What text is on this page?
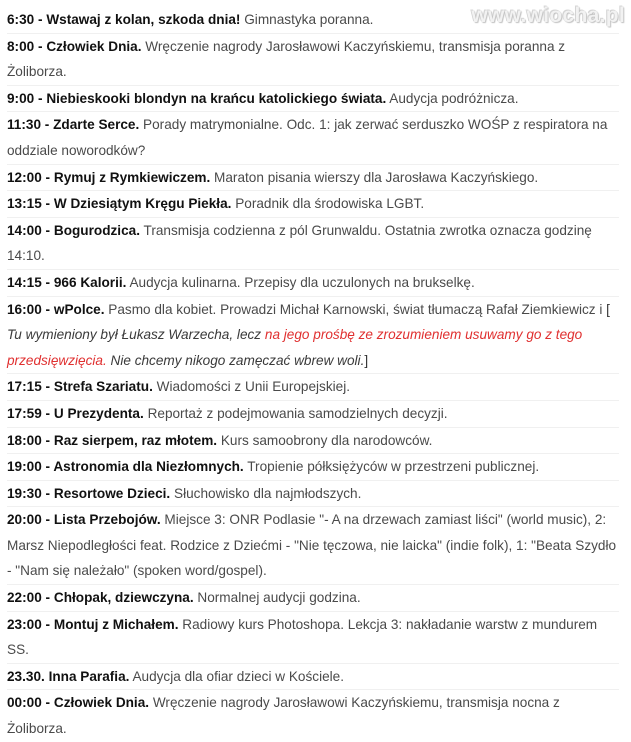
www.wiocha.pl

6:30 - Wstawaj z kolan, szkoda dnia! Gimnastyka poranna.

8:00 - Człowiek Dnia. Wręczenie nagrody Jarosławowi Kaczyńskiemu, transmisja poranna z Żoliborza.

9:00 - Niebieskooki blondyn na krańcu katolickiego świata. Audycja podróżnicza.

11:30 - Zdarte Serce. Porady matrymonialne. Odc. 1: jak zerwać serduszko WOŚP z respiratora na oddziale noworodków?

12:00 - Rymuj z Rymkiewiczem. Maraton pisania wierszy dla Jarosława Kaczyńskiego.

13:15 - W Dziesiątym Kręgu Piekła. Poradnik dla środowiska LGBT.

14:00 - Bogurodzica. Transmisja codzienna z pól Grunwaldu. Ostatnia zwrotka oznacza godzinę 14:10.

14:15 - 966 Kalorii. Audycja kulinarna. Przepisy dla uczulonych na brukselkę.

16:00 - wPolce. Pasmo dla kobiet. Prowadzi Michał Karnowski, świat tłumaczą Rafał Ziemkiewicz i [ Tu wymieniony był Łukasz Warzecha, lecz na jego prośbę ze zrozumieniem usuwamy go z tego przedsięwzięcia. Nie chcemy nikogo zamęczać wbrew woli.]

17:15 - Strefa Szariatu. Wiadomości z Unii Europejskiej.

17:59 - U Prezydenta. Reportaż z podejmowania samodzielnych decyzji.

18:00 - Raz sierpem, raz młotem. Kurs samoobrony dla narodowców.

19:00 - Astronomia dla Niezłomnych. Tropienie półksiężyców w przestrzeni publicznej.

19:30 - Resortowe Dzieci. Słuchowisko dla najmłodszych.

20:00 - Lista Przebojów. Miejsce 3: ONR Podlasie "- A na drzewach zamiast liści" (world music), 2: Marsz Niepodległości feat. Rodzice z Dziećmi - "Nie tęczowa, nie laicka" (indie folk), 1: "Beata Szydło - "Nam się należało" (spoken word/gospel).

22:00 - Chłopak, dziewczyna. Normalnej audycji godzina.

23:00 - Montuj z Michałem. Radiowy kurs Photoshopa. Lekcja 3: nakładanie warstw z mundurem SS.

23.30. Inna Parafia. Audycja dla ofiar dzieci w Kościele.

00:00 - Człowiek Dnia. Wręczenie nagrody Jarosławowi Kaczyńskiemu, transmisja nocna z Żoliborza.
